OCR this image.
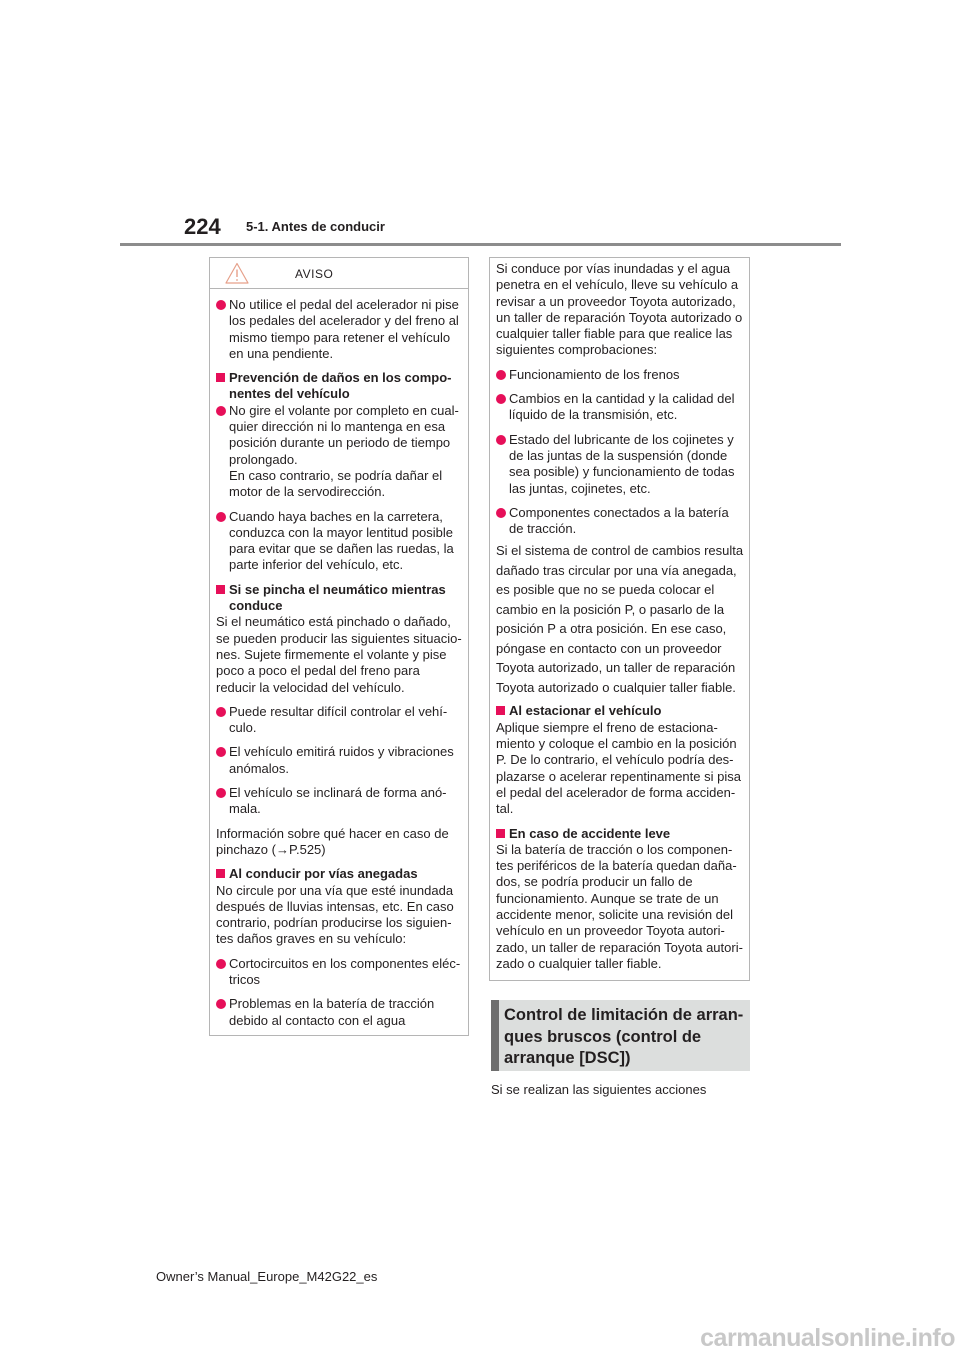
224 5-1. Antes de conducir
AVISO
No utilice el pedal del acelerador ni pise los pedales del acelerador y del freno al mismo tiempo para retener el vehículo en una pendiente.
Prevención de daños en los compo-nentes del vehículo
No gire el volante por completo en cual-quier dirección ni lo mantenga en esa posición durante un periodo de tiempo prolongado.
En caso contrario, se podría dañar el motor de la servodirección.
Cuando haya baches en la carretera, conduzca con la mayor lentitud posible para evitar que se dañen las ruedas, la parte inferior del vehículo, etc.
Si se pincha el neumático mientras conduce
Si el neumático está pinchado o dañado, se pueden producir las siguientes situacio-nes. Sujete firmemente el volante y pise poco a poco el pedal del freno para reducir la velocidad del vehículo.
Puede resultar difícil controlar el vehí-culo.
El vehículo emitirá ruidos y vibraciones anómalos.
El vehículo se inclinará de forma anó-mala.
Información sobre qué hacer en caso de pinchazo (→P.525)
Al conducir por vías anegadas
No circule por una vía que esté inundada después de lluvias intensas, etc. En caso contrario, podrían producirse los siguien-tes daños graves en su vehículo:
Cortocircuitos en los componentes eléc-tricos
Problemas en la batería de tracción debido al contacto con el agua
Si conduce por vías inundadas y el agua penetra en el vehículo, lleve su vehículo a revisar a un proveedor Toyota autorizado, un taller de reparación Toyota autorizado o cualquier taller fiable para que realice las siguientes comprobaciones:
Funcionamiento de los frenos
Cambios en la cantidad y la calidad del líquido de la transmisión, etc.
Estado del lubricante de los cojinetes y de las juntas de la suspensión (donde sea posible) y funcionamiento de todas las juntas, cojinetes, etc.
Componentes conectados a la batería de tracción.
Si el sistema de control de cambios resulta
dañado tras circular por una vía anegada,
es posible que no se pueda colocar el
cambio en la posición P, o pasarlo de la
posición P a otra posición. En ese caso,
póngase en contacto con un proveedor
Toyota autorizado, un taller de reparación
Toyota autorizado o cualquier taller fiable.
Al estacionar el vehículo
Aplique siempre el freno de estaciona-miento y coloque el cambio en la posición P. De lo contrario, el vehículo podría des-plazarse o acelerar repentinamente si pisa el pedal del acelerador de forma acciden-tal.
En caso de accidente leve
Si la batería de tracción o los componen-tes periféricos de la batería quedan daña-dos, se podría producir un fallo de funcionamiento. Aunque se trate de un accidente menor, solicite una revisión del vehículo en un proveedor Toyota autori-zado, un taller de reparación Toyota autori-zado o cualquier taller fiable.
Control de limitación de arran-
ques bruscos (control de
arranque [DSC])
Si se realizan las siguientes acciones
Owner’s Manual_Europe_M42G22_es
carmanualsonline.info
